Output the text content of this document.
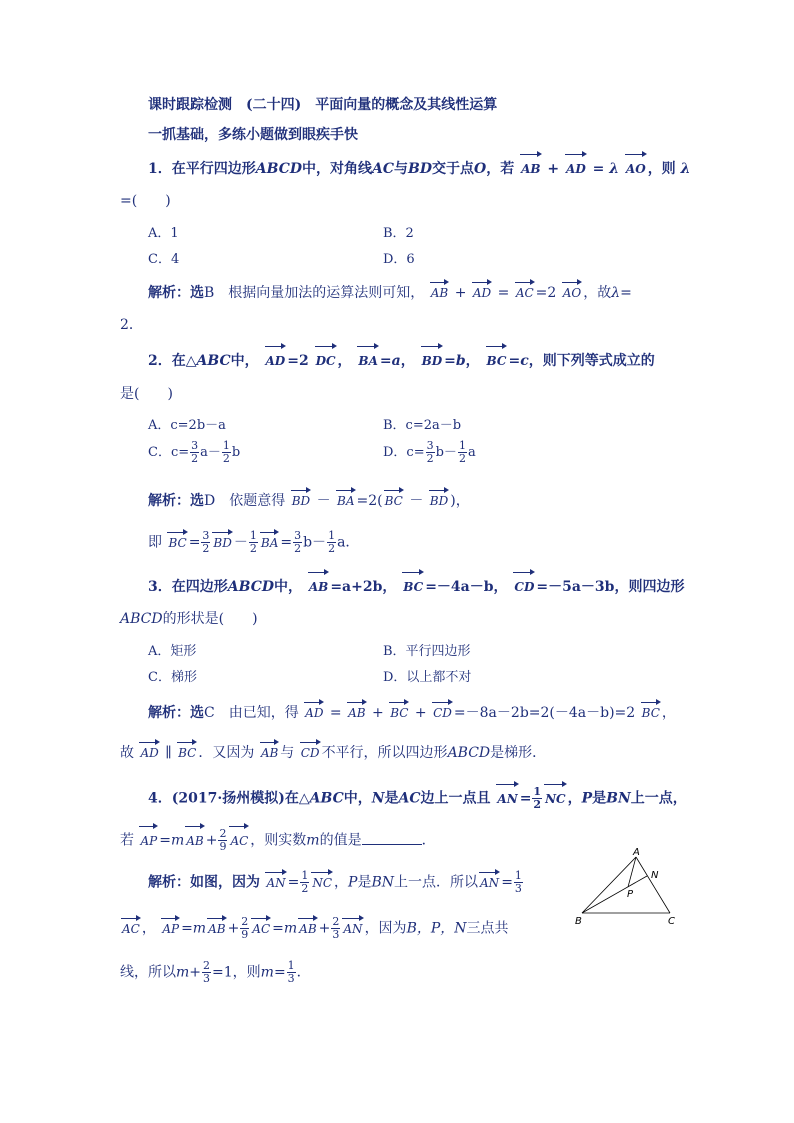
课时跟踪检测　(二十四)　平面向量的概念及其线性运算
一抓基础，多练小题做到眼疾手快
1．在平行四边形ABCD中，对角线AC与BD交于点O，若 AB + AD = λ AO ，则 λ
=(　　)
A．1	B．2
C．4	D．6
解析：选B　 根据向量加法的运算法则可知， AB + AD = AC =2 AO ，故λ=
2．
2．在△ABC中， AD =2 DC ， BA =a， BD =b， BC =c，则下列等式成立的
是(　　)
A．c=2b－a	B．c=2a－b
C．$c= \frac{3}{2} a- \frac{1}{2}$ b	D．$c= \frac{3}{2} b- \frac{1}{2}$ a
解析：选D　 依题意得 BD － BA =2( BC － BD )，
即 BC = $\frac{3}{2}$ BD － $\frac{1}{2}$ BA = $\frac{3}{2} b- \frac{1}{2}$ a．
3．在四边形ABCD中， AB =a+2b， BC =－4a－b， CD =－5a－3b，则四边形
ABCD的形状是(　　)
A．矩形	B．平行四边形
C．梯形	D．以上都不对
解析：选C　 由已知，得 AD = AB + BC + CD =－8a－2b=2(－4a－b)=2 BC ，
故 AD ∥ BC ．又因为 AB 与 CD 不平行，所以四边形ABCD是梯形．
4．(2017·扬州模拟)在△ABC中，N是AC边上一点且 AN = $\frac{1}{2}$ NC ，P是BN上一点，
若 AP =m AB + $\frac{2}{9}$ AC ，则实数m的值是	．
解析：如图，因为 AN = $\frac{1}{2}$ NC ，P是BN上一点．所以 AN = $\frac{1}{3}$
AC ， AP =m AB + $\frac{2}{9}$ AC =m AB + $\frac{2}{3}$ AN ，因为B，P，N三点共
线，所以$m+ \frac{2}{3} =1$，则$m= \frac{1}{3}$ ．
A
N
P
B	C
